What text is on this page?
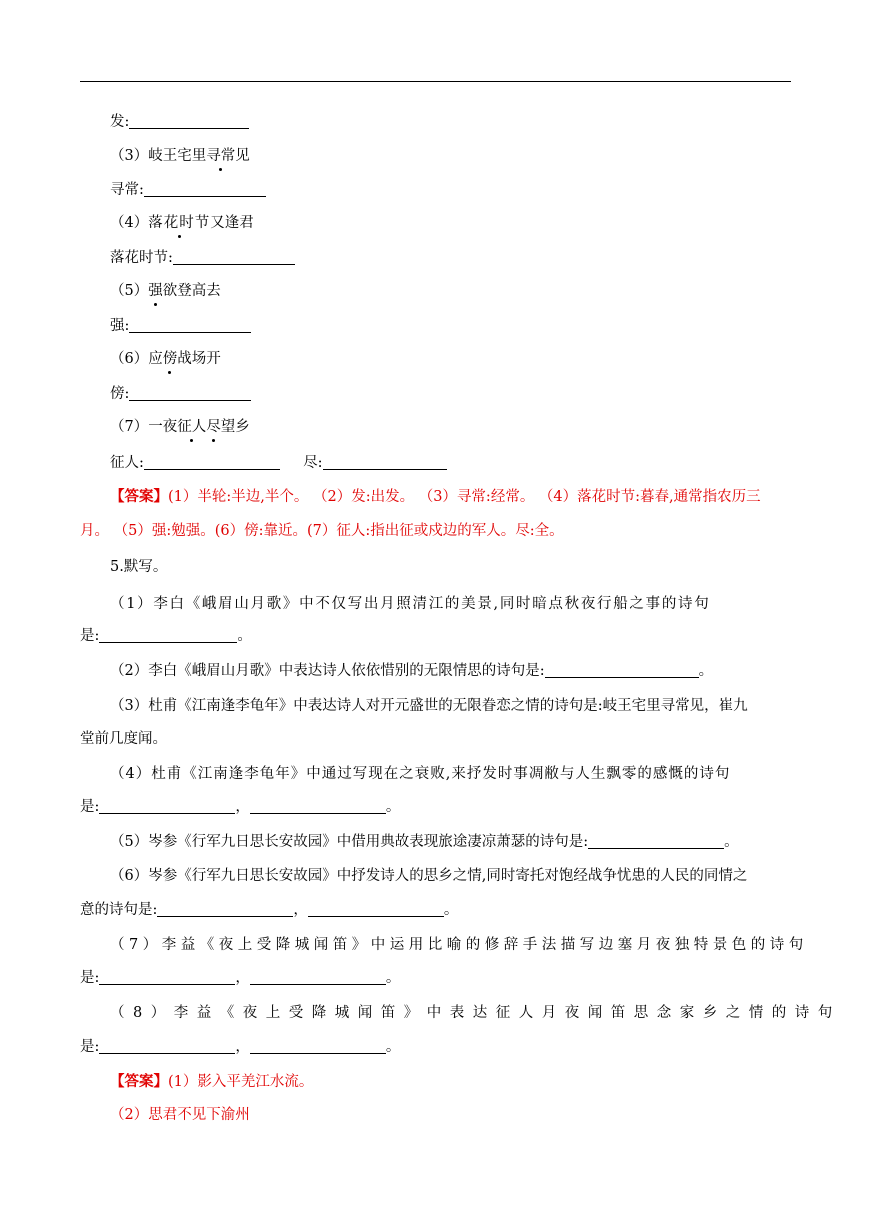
发:
（3）岐王宅里寻常见
寻常:
（4）落花时节又逢君
落花时节:
（5）强欲登高去
强:
（6）应傍战场开
傍:
（7）一夜征人尽望乡
征人:	尽:
【答案】(1）半轮:半边,半个。 （2）发:出发。 （3）寻常:经常。 （4）落花时节:暮春,通常指农历三
月。 （5）强:勉强。(6）傍:靠近。(7）征人:指出征或戍边的军人。尽:全。
5.默写。
（1）李白《峨眉山月歌》中不仅写出月照清江的美景,同时暗点秋夜行船之事的诗句
是:	。
（2）李白《峨眉山月歌》中表达诗人依依惜别的无限情思的诗句是:	。
（3）杜甫《江南逢李龟年》中表达诗人对开元盛世的无限眷恋之情的诗句是:岐王宅里寻常见，崔九
堂前几度闻。
（4）杜甫《江南逢李龟年》中通过写现在之衰败,来抒发时事凋敝与人生飘零的感慨的诗句
是:	，	。
（5）岑参《行军九日思长安故园》中借用典故表现旅途凄凉萧瑟的诗句是:	。
（6）岑参《行军九日思长安故园》中抒发诗人的思乡之情,同时寄托对饱经战争忧患的人民的同情之
意的诗句是:	，	。
（7）李益《夜上受降城闻笛》中运用比喻的修辞手法描写边塞月夜独特景色的诗句
是:	，	。
（8）李益《夜上受降城闻笛》中表达征人月夜闻笛思念家乡之情的诗句
是:	，	。
【答案】(1）影入平羌江水流。
（2）思君不见下渝州
